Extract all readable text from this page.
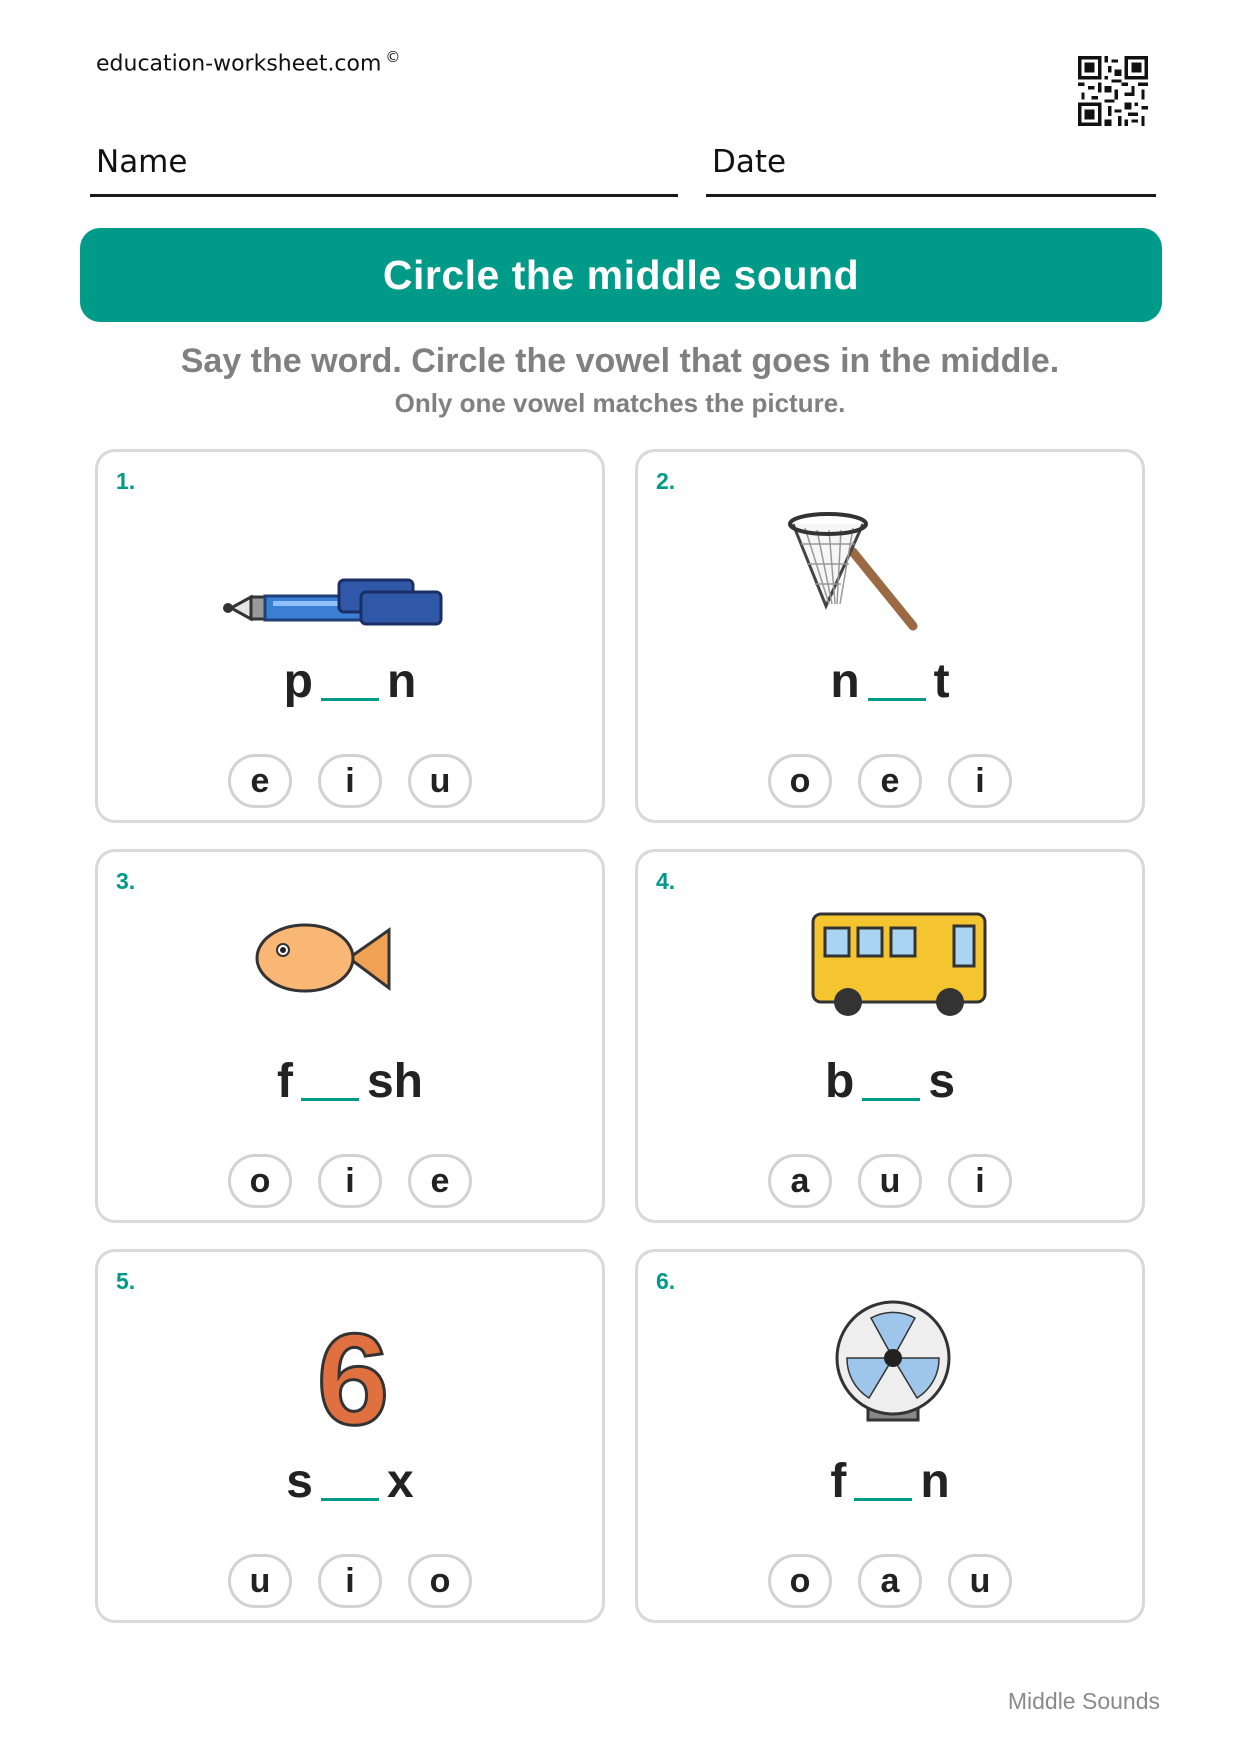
education-worksheet.com ©
Name	Date
Circle the middle sound
Say the word. Circle the vowel that goes in the middle.
Only one vowel matches the picture.
1.
p n
e	i	u
2.
n t
o	e	i
3.
f sh
o	i	e
4.
b s
a	u	i
5.
6
s x
u	i	o
6.
f n
o	a	u
Middle Sounds
